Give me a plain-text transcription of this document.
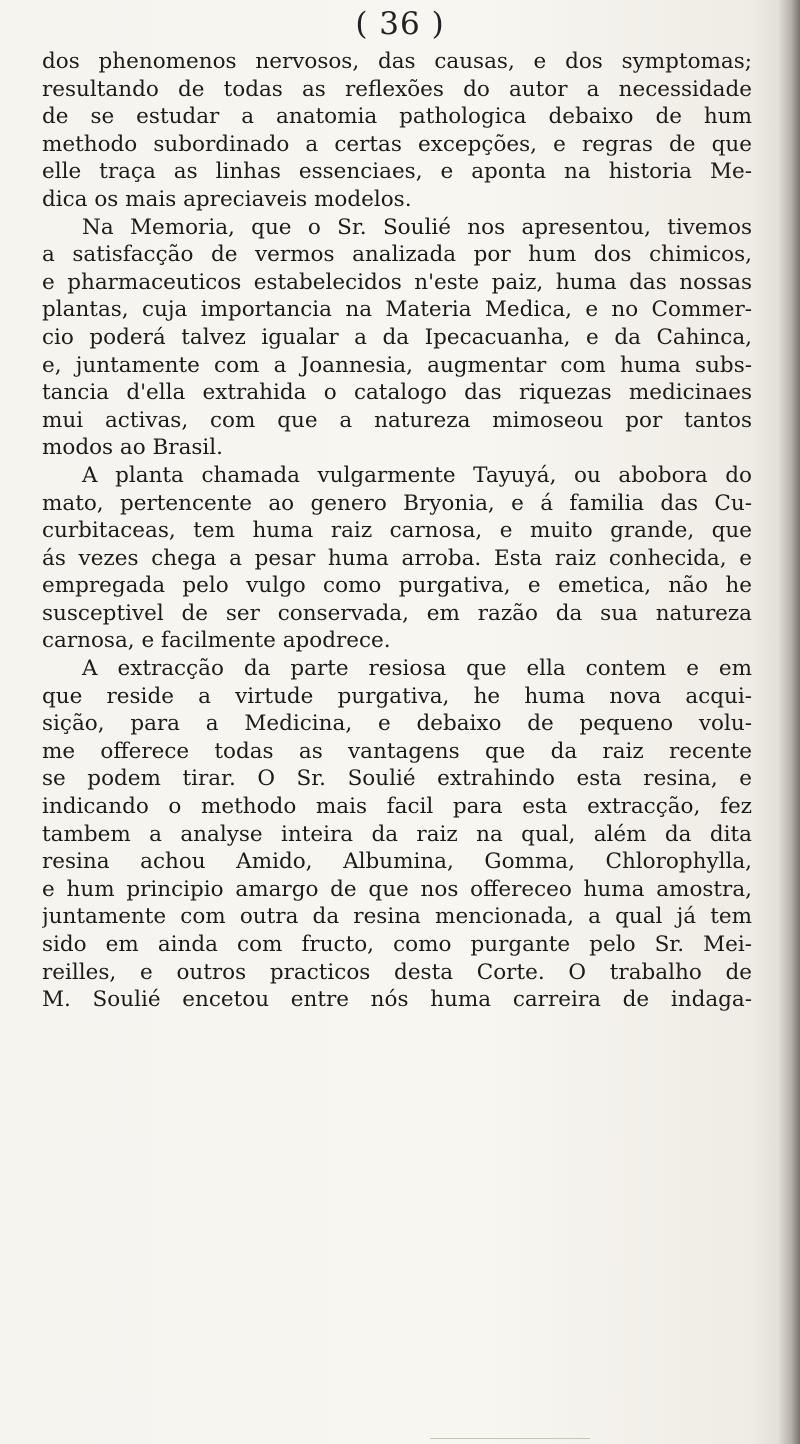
( 36 )
dos phenomenos nervosos, das causas, e dos symptomas;
resultando de todas as reflexões do autor a necessidade
de se estudar a anatomia pathologica debaixo de hum
methodo subordinado a certas excepções, e regras de que
elle traça as linhas essenciaes, e aponta na historia Me-
dica os mais apreciaveis modelos.
Na Memoria, que o Sr. Soulié nos apresentou, tivemos
a satisfacção de vermos analizada por hum dos chimicos,
e pharmaceuticos estabelecidos n'este paiz, huma das nossas
plantas, cuja importancia na Materia Medica, e no Commer-
cio poderá talvez igualar a da Ipecacuanha, e da Cahinca,
e, juntamente com a Joannesia, augmentar com huma subs-
tancia d'ella extrahida o catalogo das riquezas medicinaes
mui activas, com que a natureza mimoseou por tantos
modos ao Brasil.
A planta chamada vulgarmente Tayuyá, ou abobora do
mato, pertencente ao genero Bryonia, e á familia das Cu-
curbitaceas, tem huma raiz carnosa, e muito grande, que
ás vezes chega a pesar huma arroba. Esta raiz conhecida, e
empregada pelo vulgo como purgativa, e emetica, não he
susceptivel de ser conservada, em razão da sua natureza
carnosa, e facilmente apodrece.
A extracção da parte resiosa que ella contem e em
que reside a virtude purgativa, he huma nova acqui-
sição, para a Medicina, e debaixo de pequeno volu-
me offerece todas as vantagens que da raiz recente
se podem tirar. O Sr. Soulié extrahindo esta resina, e
indicando o methodo mais facil para esta extracção, fez
tambem a analyse inteira da raiz na qual, além da dita
resina achou Amido, Albumina, Gomma, Chlorophylla,
e hum principio amargo de que nos offereceo huma amostra,
juntamente com outra da resina mencionada, a qual já tem
sido em ainda com fructo, como purgante pelo Sr. Mei-
reilles, e outros practicos desta Corte. O trabalho de
M. Soulié encetou entre nós huma carreira de indaga-
